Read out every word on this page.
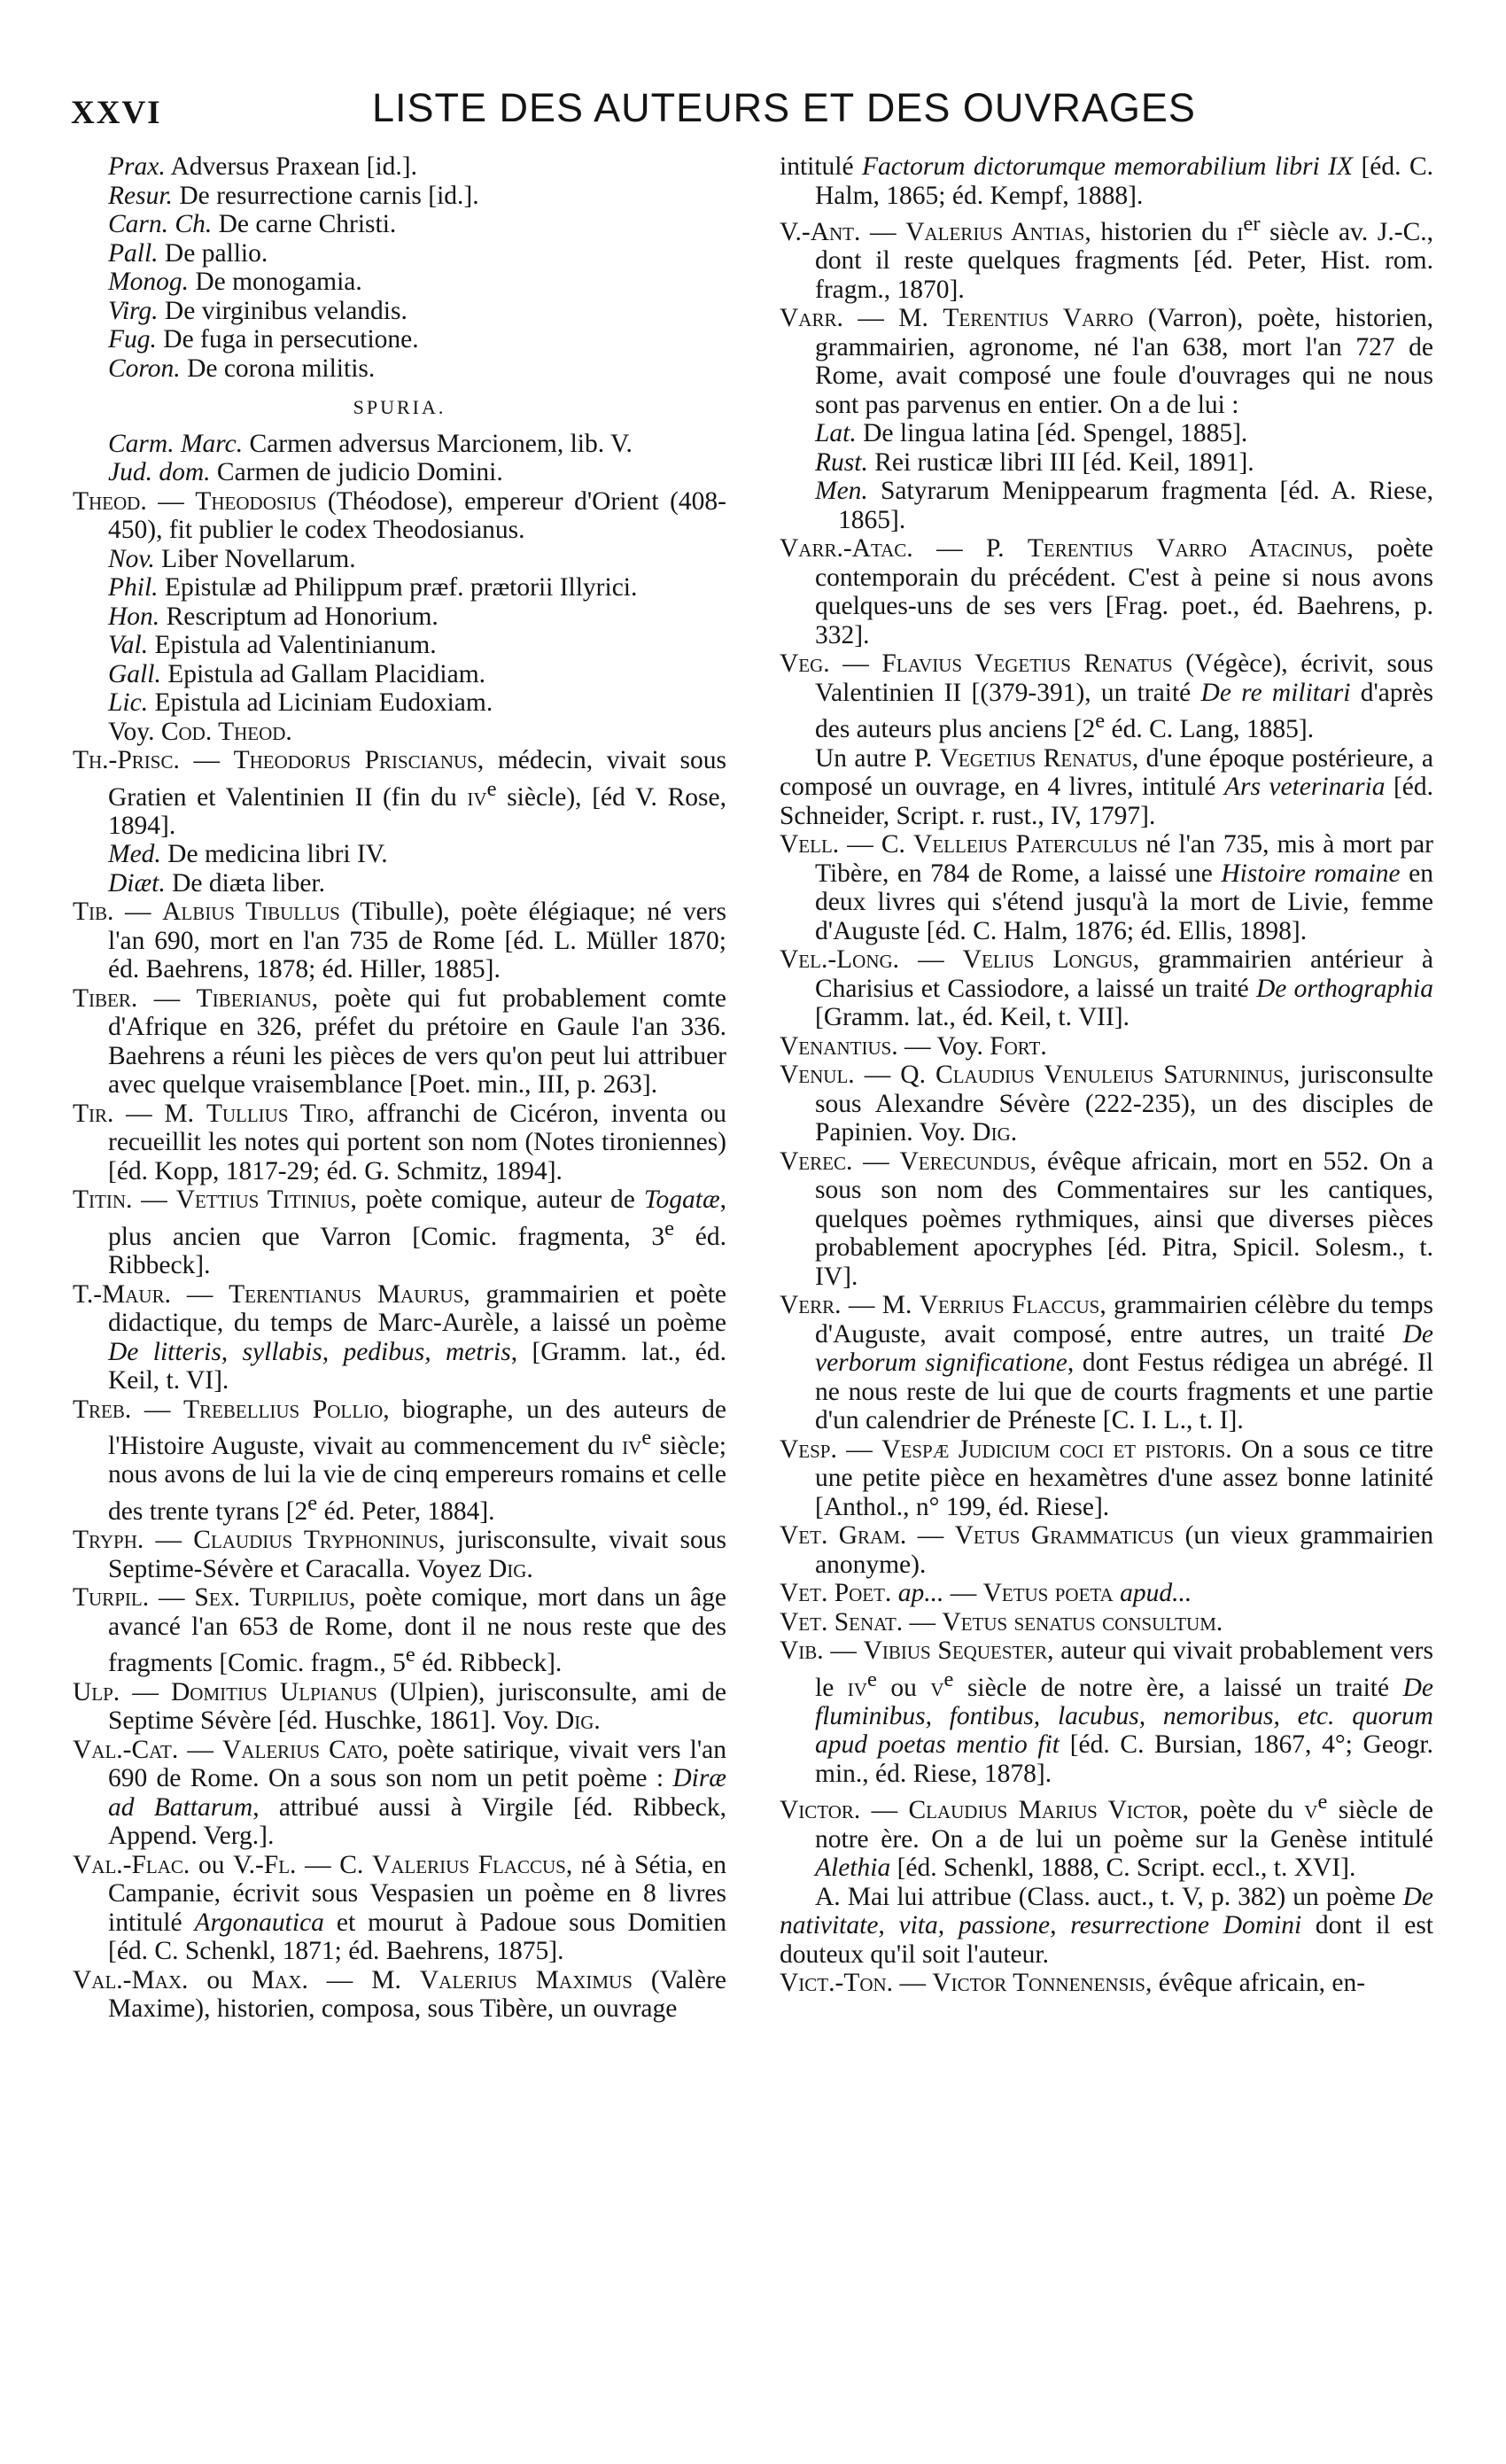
XXVI	LISTE DES AUTEURS ET DES OUVRAGES

Prax. Adversus Praxean [id.].

Resur. De resurrectione carnis [id.].

Carn. Ch. De carne Christi.

Pall. De pallio.

Monog. De monogamia.

Virg. De virginibus velandis.

Fug. De fuga in persecutione.

Coron. De corona militis.

SPURIA.

Carm. Marc. Carmen adversus Marcionem, lib. V.

Jud. dom. Carmen de judicio Domini.

Theod. — Theodosius (Théodose), empereur d'Orient (408-450), fit publier le codex Theodosianus.

Nov. Liber Novellarum.

Phil. Epistulæ ad Philippum præf. prætorii Illyrici.

Hon. Rescriptum ad Honorium.

Val. Epistula ad Valentinianum.

Gall. Epistula ad Gallam Placidiam.

Lic. Epistula ad Liciniam Eudoxiam.

Voy. Cod. Theod.

Th.-Prisc. — Theodorus Priscianus, médecin, vivait sous Gratien et Valentinien II (fin du $iv^e$ siècle), [éd V. Rose, 1894].

Med. De medicina libri IV.

Diæt. De diæta liber.

Tib. — Albius Tibullus (Tibulle), poète élégiaque; né vers l'an 690, mort en l'an 735 de Rome [éd. L. Müller 1870; éd. Baehrens, 1878; éd. Hiller, 1885].

Tiber. — Tiberianus, poète qui fut probablement comte d'Afrique en 326, préfet du prétoire en Gaule l'an 336. Baehrens a réuni les pièces de vers qu'on peut lui attribuer avec quelque vraisemblance [Poet. min., III, p. 263].

Tir. — M. Tullius Tiro, affranchi de Cicéron, inventa ou recueillit les notes qui portent son nom (Notes tironiennes) [éd. Kopp, 1817-29; éd. G. Schmitz, 1894].

Titin. — Vettius Titinius, poète comique, auteur de Togatæ, plus ancien que Varron [Comic. fragmenta, 3e éd. Ribbeck].

T.-Maur. — Terentianus Maurus, grammairien et poète didactique, du temps de Marc-Aurèle, a laissé un poème De litteris, syllabis, pedibus, metris, [Gramm. lat., éd. Keil, t. VI].

Treb. — Trebellius Pollio, biographe, un des auteurs de l'Histoire Auguste, vivait au commencement du $iv^e$ siècle; nous avons de lui la vie de cinq empereurs romains et celle des trente tyrans [2e éd. Peter, 1884].

Tryph. — Claudius Tryphoninus, jurisconsulte, vivait sous Septime-Sévère et Caracalla. Voyez Dig.

Turpil. — Sex. Turpilius, poète comique, mort dans un âge avancé l'an 653 de Rome, dont il ne nous reste que des fragments [Comic. fragm., 5e éd. Ribbeck].

Ulp. — Domitius Ulpianus (Ulpien), jurisconsulte, ami de Septime Sévère [éd. Huschke, 1861]. Voy. Dig.

Val.-Cat. — Valerius Cato, poète satirique, vivait vers l'an 690 de Rome. On a sous son nom un petit poème : Diræ ad Battarum, attribué aussi à Virgile [éd. Ribbeck, Append. Verg.].

Val.-Flac. ou V.-Fl. — C. Valerius Flaccus, né à Sétia, en Campanie, écrivit sous Vespasien un poème en 8 livres intitulé Argonautica et mourut à Padoue sous Domitien [éd. C. Schenkl, 1871; éd. Baehrens, 1875].

Val.-Max. ou Max. — M. Valerius Maximus (Valère Maxime), historien, composa, sous Tibère, un ouvrage

intitulé Factorum dictorumque memorabilium libri IX [éd. C. Halm, 1865; éd. Kempf, 1888].

V.-Ant. — Valerius Antias, historien du $i^{er}$ siècle av. J.-C., dont il reste quelques fragments [éd. Peter, Hist. rom. fragm., 1870].

Varr. — M. Terentius Varro (Varron), poète, historien, grammairien, agronome, né l'an 638, mort l'an 727 de Rome, avait composé une foule d'ouvrages qui ne nous sont pas parvenus en entier. On a de lui :

Lat. De lingua latina [éd. Spengel, 1885].

Rust. Rei rusticæ libri III [éd. Keil, 1891].

Men. Satyrarum Menippearum fragmenta [éd. A. Riese, 1865].

Varr.-Atac. — P. Terentius Varro Atacinus, poète contemporain du précédent. C'est à peine si nous avons quelques-uns de ses vers [Frag. poet., éd. Baehrens, p. 332].

Veg. — Flavius Vegetius Renatus (Végèce), écrivit, sous Valentinien II [(379-391), un traité De re militari d'après des auteurs plus anciens [2e éd. C. Lang, 1885].

Un autre P. Vegetius Renatus, d'une époque postérieure, a composé un ouvrage, en 4 livres, intitulé Ars veterinaria [éd. Schneider, Script. r. rust., IV, 1797].

Vell. — C. Velleius Paterculus né l'an 735, mis à mort par Tibère, en 784 de Rome, a laissé une Histoire romaine en deux livres qui s'étend jusqu'à la mort de Livie, femme d'Auguste [éd. C. Halm, 1876; éd. Ellis, 1898].

Vel.-Long. — Velius Longus, grammairien antérieur à Charisius et Cassiodore, a laissé un traité De orthographia [Gramm. lat., éd. Keil, t. VII].

Venantius. — Voy. Fort.

Venul. — Q. Claudius Venuleius Saturninus, jurisconsulte sous Alexandre Sévère (222-235), un des disciples de Papinien. Voy. Dig.

Verec. — Verecundus, évêque africain, mort en 552. On a sous son nom des Commentaires sur les cantiques, quelques poèmes rythmiques, ainsi que diverses pièces probablement apocryphes [éd. Pitra, Spicil. Solesm., t. IV].

Verr. — M. Verrius Flaccus, grammairien célèbre du temps d'Auguste, avait composé, entre autres, un traité De verborum significatione, dont Festus rédigea un abrégé. Il ne nous reste de lui que de courts fragments et une partie d'un calendrier de Préneste [C. I. L., t. I].

Vesp. — Vespæ Judicium coci et pistoris. On a sous ce titre une petite pièce en hexamètres d'une assez bonne latinité [Anthol., n° 199, éd. Riese].

Vet. Gram. — Vetus Grammaticus (un vieux grammairien anonyme).

Vet. Poet. ap... — Vetus poeta apud...

Vet. Senat. — Vetus senatus consultum.

Vib. — Vibius Sequester, auteur qui vivait probablement vers le $iv^e$ ou $v^e$ siècle de notre ère, a laissé un traité De fluminibus, fontibus, lacubus, nemoribus, etc. quorum apud poetas mentio fit [éd. C. Bursian, 1867, 4°; Geogr. min., éd. Riese, 1878].

Victor. — Claudius Marius Victor, poète du $v^e$ siècle de notre ère. On a de lui un poème sur la Genèse intitulé Alethia [éd. Schenkl, 1888, C. Script. eccl., t. XVI].

A. Mai lui attribue (Class. auct., t. V, p. 382) un poème De nativitate, vita, passione, resurrectione Domini dont il est douteux qu'il soit l'auteur.

Vict.-Ton. — Victor Tonnenensis, évêque africain, en-
